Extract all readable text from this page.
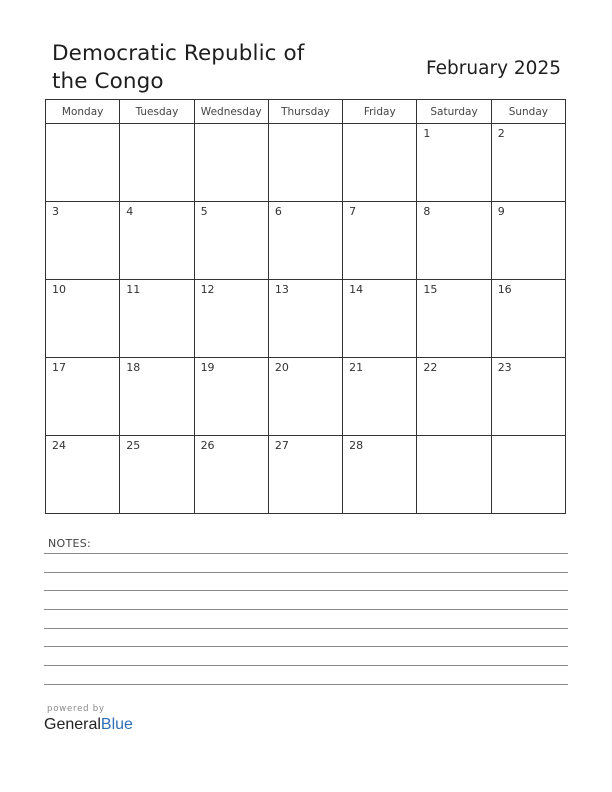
Democratic Republic of
the Congo
February 2025
Monday	Tuesday	Wednesday	Thursday	Friday	Saturday	Sunday

					1	2

3	4	5	6	7	8	9

10	11	12	13	14	15	16

17	18	19	20	21	22	23

24	25	26	27	28		

NOTES:
powered by
GeneralBlue
